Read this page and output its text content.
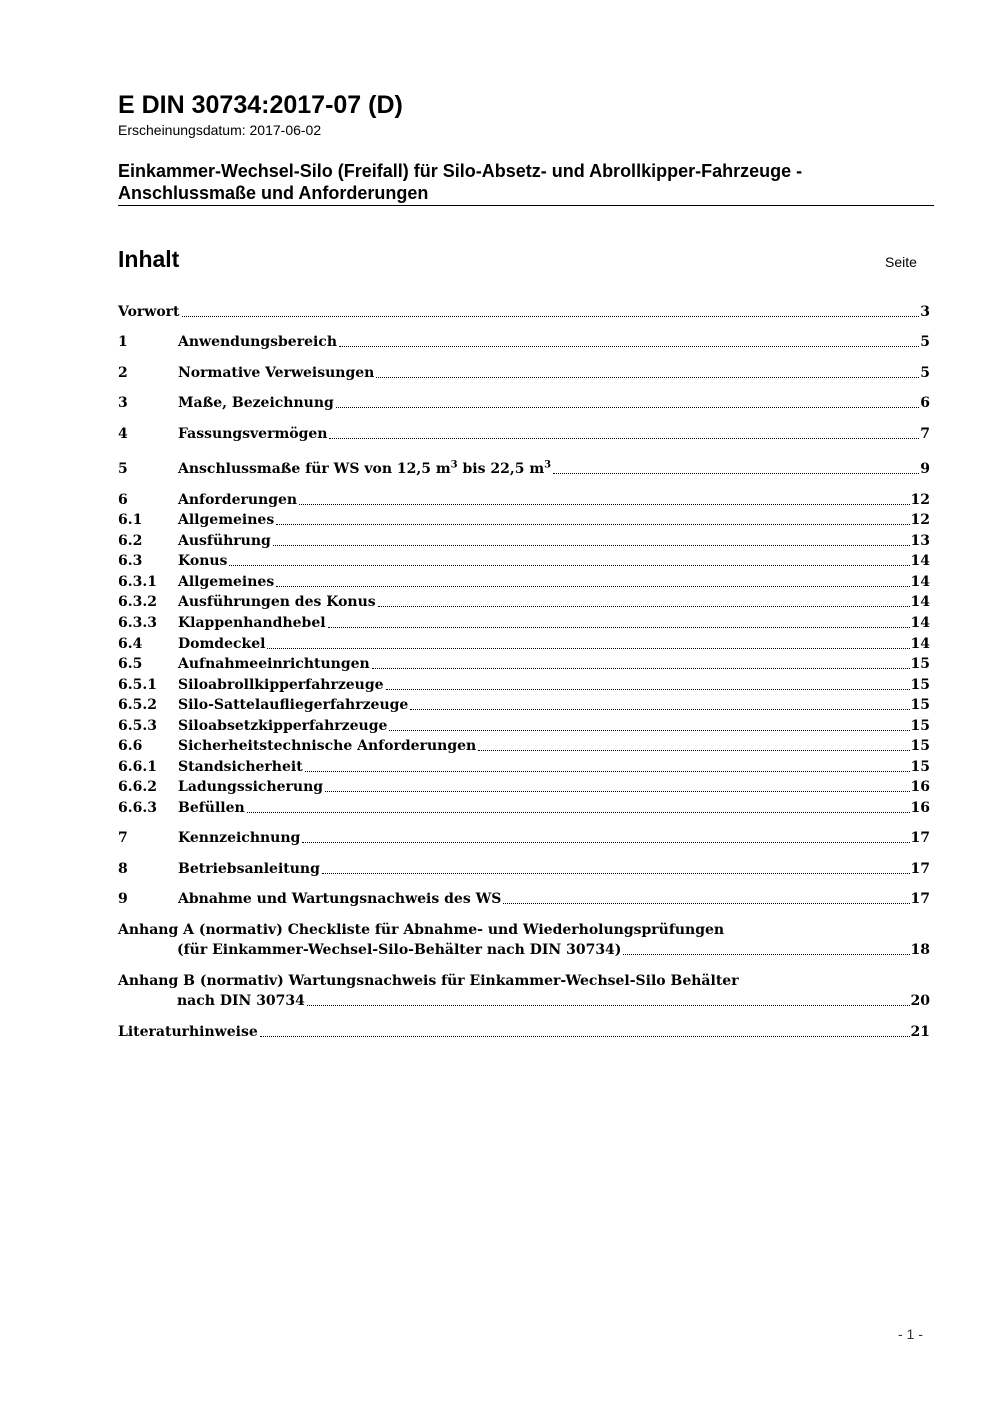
E DIN 30734:2017-07 (D)
Erscheinungsdatum: 2017-06-02
Einkammer-Wechsel-Silo (Freifall) für Silo-Absetz- und Abrollkipper-Fahrzeuge -
Anschlussmaße und Anforderungen
Inhalt	Seite
Vorwort	3
1	Anwendungsbereich	5
2	Normative Verweisungen	5
3	Maße, Bezeichnung	6
4	Fassungsvermögen	7
5	Anschlussmaße für WS von 12,5 $m^3$ bis 22,5 $m^3$	9
6	Anforderungen	12
6.1	Allgemeines	12
6.2	Ausführung	13
6.3	Konus	14
6.3.1 Allgemeines	14
6.3.2 Ausführungen des Konus	14
6.3.3 Klappenhandhebel	14
6.4	Domdeckel	14
6.5	Aufnahmeeinrichtungen	15
6.5.1 Siloabrollkipperfahrzeuge	15
6.5.2 Silo-Sattelaufliegerfahrzeuge	15
6.5.3 Siloabsetzkipperfahrzeuge	15
6.6	Sicherheitstechnische Anforderungen	15
6.6.1 Standsicherheit	15
6.6.2 Ladungssicherung	16
6.6.3 Befüllen	16
7	Kennzeichnung	17
8	Betriebsanleitung	17
9	Abnahme und Wartungsnachweis des WS	17
Anhang A (normativ) Checkliste für Abnahme- und Wiederholungsprüfungen
(für Einkammer-Wechsel-Silo-Behälter nach DIN 30734)	18
Anhang B (normativ) Wartungsnachweis für Einkammer-Wechsel-Silo Behälter
nach DIN 30734	20
Literaturhinweise	21
- 1 -
